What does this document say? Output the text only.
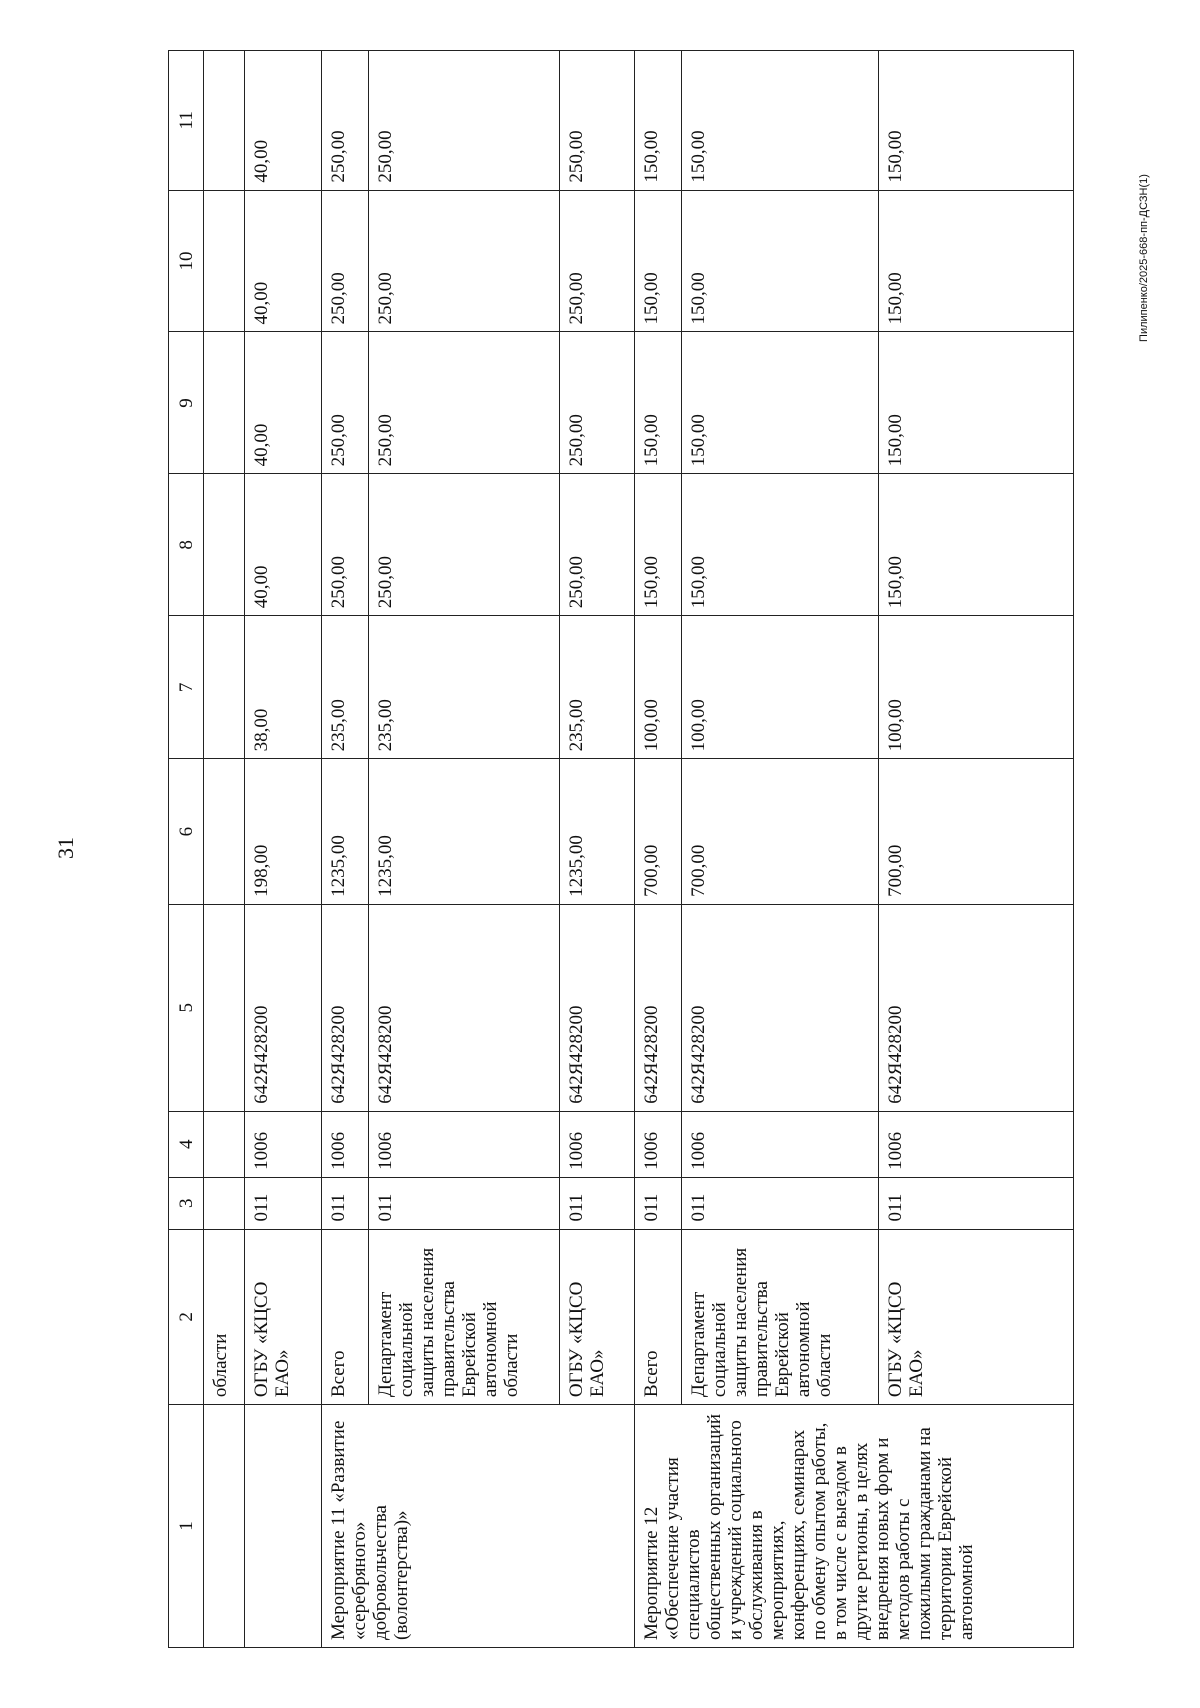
31
Пилипенко/2025-668-пп-ДСЗН(1)
1	2	3	4	5	6	7	8	9	10	11
	области									
	ОГБУ «КЦСО ЕАО»	011	1006	642Я428200	198,00	38,00	40,00	40,00	40,00	40,00
Мероприятие 11 «Развитие «серебряного» добровольчества (волонтерства)»	Всего	011	1006	642Я428200	1235,00	235,00	250,00	250,00	250,00	250,00
	Департамент социальной защиты населения правительства Еврейской автономной области	011	1006	642Я428200	1235,00	235,00	250,00	250,00	250,00	250,00
	ОГБУ «КЦСО ЕАО»	011	1006	642Я428200	1235,00	235,00	250,00	250,00	250,00	250,00
Мероприятие 12 «Обеспечение участия специалистов общественных организаций и учреждений социального обслуживания в мероприятиях, конференциях, семинарах по обмену опытом работы, в том числе с выездом в другие регионы, в целях внедрения новых форм и методов работы с пожилыми гражданами на территории Еврейской автономной	Всего	011	1006	642Я428200	700,00	100,00	150,00	150,00	150,00	150,00
	Департамент социальной защиты населения правительства Еврейской автономной области	011	1006	642Я428200	700,00	100,00	150,00	150,00	150,00	150,00
	ОГБУ «КЦСО ЕАО»	011	1006	642Я428200	700,00	100,00	150,00	150,00	150,00	150,00
